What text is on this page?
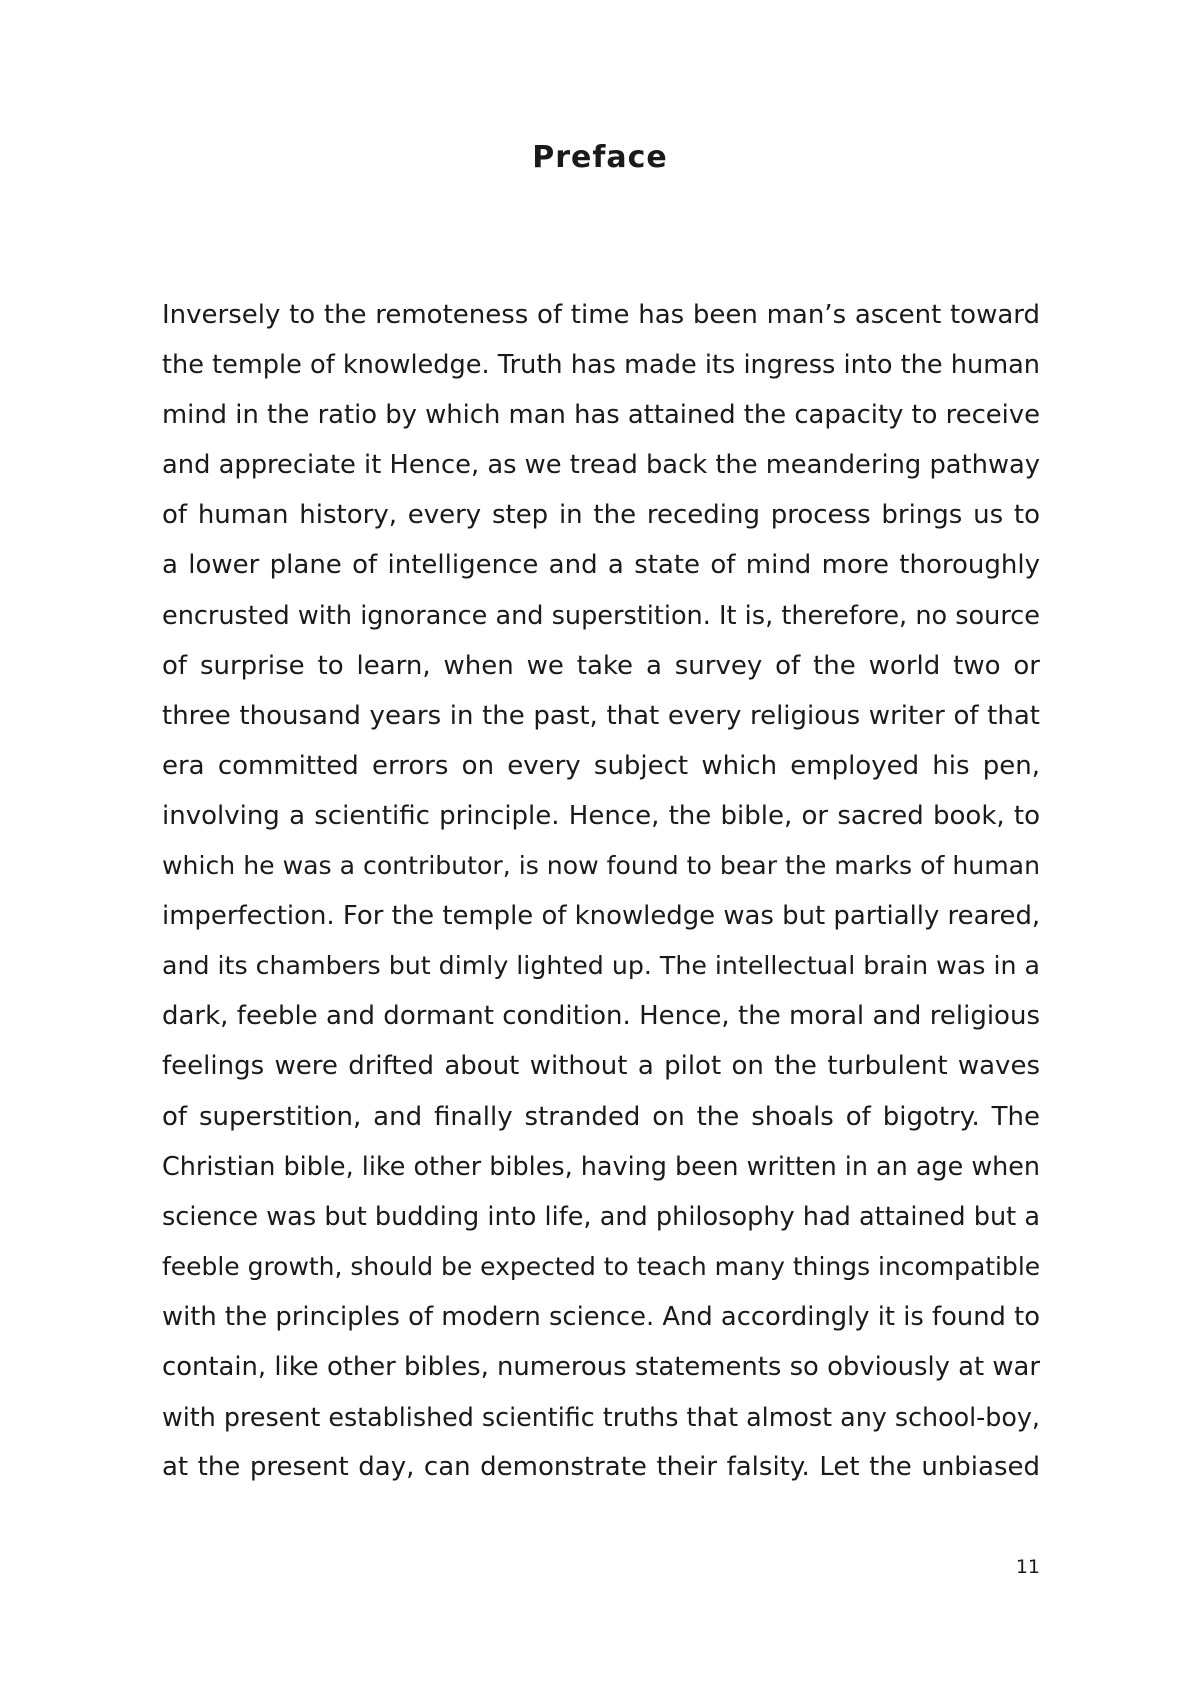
Preface
Inversely to the remoteness of time has been man’s ascent toward
the temple of knowledge. Truth has made its ingress into the human
mind in the ratio by which man has attained the capacity to receive
and appreciate it Hence, as we tread back the meandering pathway
of human history, every step in the receding process brings us to
a lower plane of intelligence and a state of mind more thoroughly
encrusted with ignorance and superstition. It is, therefore, no source
of surprise to learn, when we take a survey of the world two or
three thousand years in the past, that every religious writer of that
era committed errors on every subject which employed his pen,
involving a scientific principle. Hence, the bible, or sacred book, to
which he was a contributor, is now found to bear the marks of human
imperfection. For the temple of knowledge was but partially reared,
and its chambers but dimly lighted up. The intellectual brain was in a
dark, feeble and dormant condition. Hence, the moral and religious
feelings were drifted about without a pilot on the turbulent waves
of superstition, and finally stranded on the shoals of bigotry. The
Christian bible, like other bibles, having been written in an age when
science was but budding into life, and philosophy had attained but a
feeble growth, should be expected to teach many things incompatible
with the principles of modern science. And accordingly it is found to
contain, like other bibles, numerous statements so obviously at war
with present established scientific truths that almost any school-boy,
at the present day, can demonstrate their falsity. Let the unbiased
11
